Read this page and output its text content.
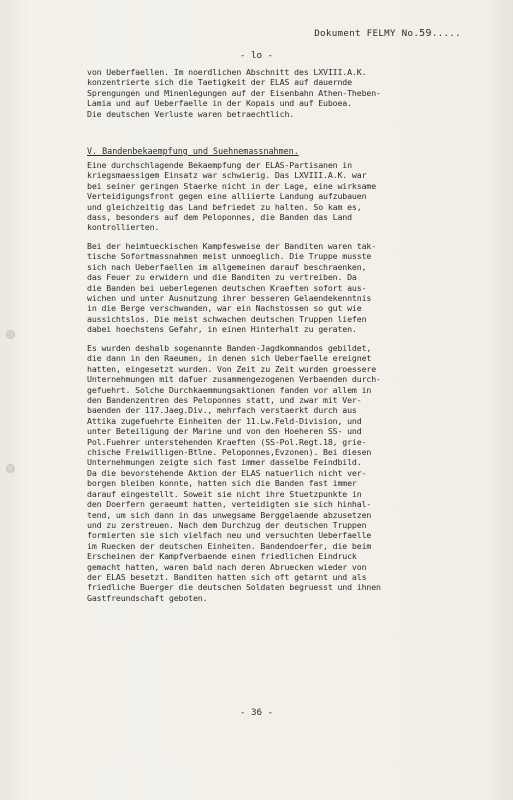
Dokument FELMY No.59.....
- lo -
von Ueberfaellen. Im noerdlichen Abschnitt des LXVIII.A.K.
konzentrierte sich die Taetigkeit der ELAS auf dauernde
Sprengungen und Minenlegungen auf der Eisenbahn Athen-Theben-
Lamia und auf Ueberfaelle in der Kopais und auf Euboea.
Die deutschen Verluste waren betraechtlich.
V. Bandenbekaempfung und Suehnemassnahmen.
Eine durchschlagende Bekaempfung der ELAS-Partisanen in
kriegsmaessigem Einsatz war schwierig. Das LXVIII.A.K. war
bei seiner geringen Staerke nicht in der Lage, eine wirksame
Verteidigungsfront gegen eine alliierte Landung aufzubauen
und gleichzeitig das Land befriedet zu halten. So kam es,
dass, besonders auf dem Peloponnes, die Banden das Land
kontrollierten.
Bei der heimtueckischen Kampfesweise der Banditen waren tak-
tische Sofortmassnahmen meist unmoeglich. Die Truppe musste
sich nach Ueberfaellen im allgemeinen darauf beschraenken,
das Feuer zu erwidern und die Banditen zu vertreiben. Da
die Banden bei ueberlegenen deutschen Kraeften sofort aus-
wichen und unter Ausnutzung ihrer besseren Gelaendekenntnis
in die Berge verschwanden, war ein Nachstossen so gut wie
aussichtslos. Die meist schwachen deutschen Truppen liefen
dabei hoechstens Gefahr, in einen Hinterhalt zu geraten.
Es wurden deshalb sogenannte Banden-Jagdkommandos gebildet,
die dann in den Raeumen, in denen sich Ueberfaelle ereignet
hatten, eingesetzt wurden. Von Zeit zu Zeit wurden groessere
Unternehmungen mit dafuer zusammengezogenen Verbaenden durch-
gefuehrt. Solche Durchkaemmungsaktionen fanden vor allem in
den Bandenzentren des Peloponnes statt, und zwar mit Ver-
baenden der 117.Jaeg.Div., mehrfach verstaerkt durch aus
Attika zugefuehrte Einheiten der 11.Lw.Feld-Division, und
unter Beteiligung der Marine und von den Hoeheren SS- und
Pol.Fuehrer unterstehenden Kraeften (SS-Pol.Regt.18, grie-
chische Freiwilligen-Btlne. Peloponnes,Evzonen). Bei diesen
Unternehmungen zeigte sich fast immer dasselbe Feindbild.
Da die bevorstehende Aktion der ELAS natuerlich nicht ver-
borgen bleiben konnte, hatten sich die Banden fast immer
darauf eingestellt. Soweit sie nicht ihre Stuetzpunkte in
den Doerfern geraeumt hatten, verteidigten sie sich hinhal-
tend, um sich dann in das unwegsame Berggelaende abzusetzen
und zu zerstreuen. Nach dem Durchzug der deutschen Truppen
formierten sie sich vielfach neu und versuchten Ueberfaelle
im Ruecken der deutschen Einheiten. Bandendoerfer, die beim
Erscheinen der Kampfverbaende einen friedlichen Eindruck
gemacht hatten, waren bald nach deren Abruecken wieder von
der ELAS besetzt. Banditen hatten sich oft getarnt und als
friedliche Buerger die deutschen Soldaten begruesst und ihnen
Gastfreundschaft geboten.
- 36 -
